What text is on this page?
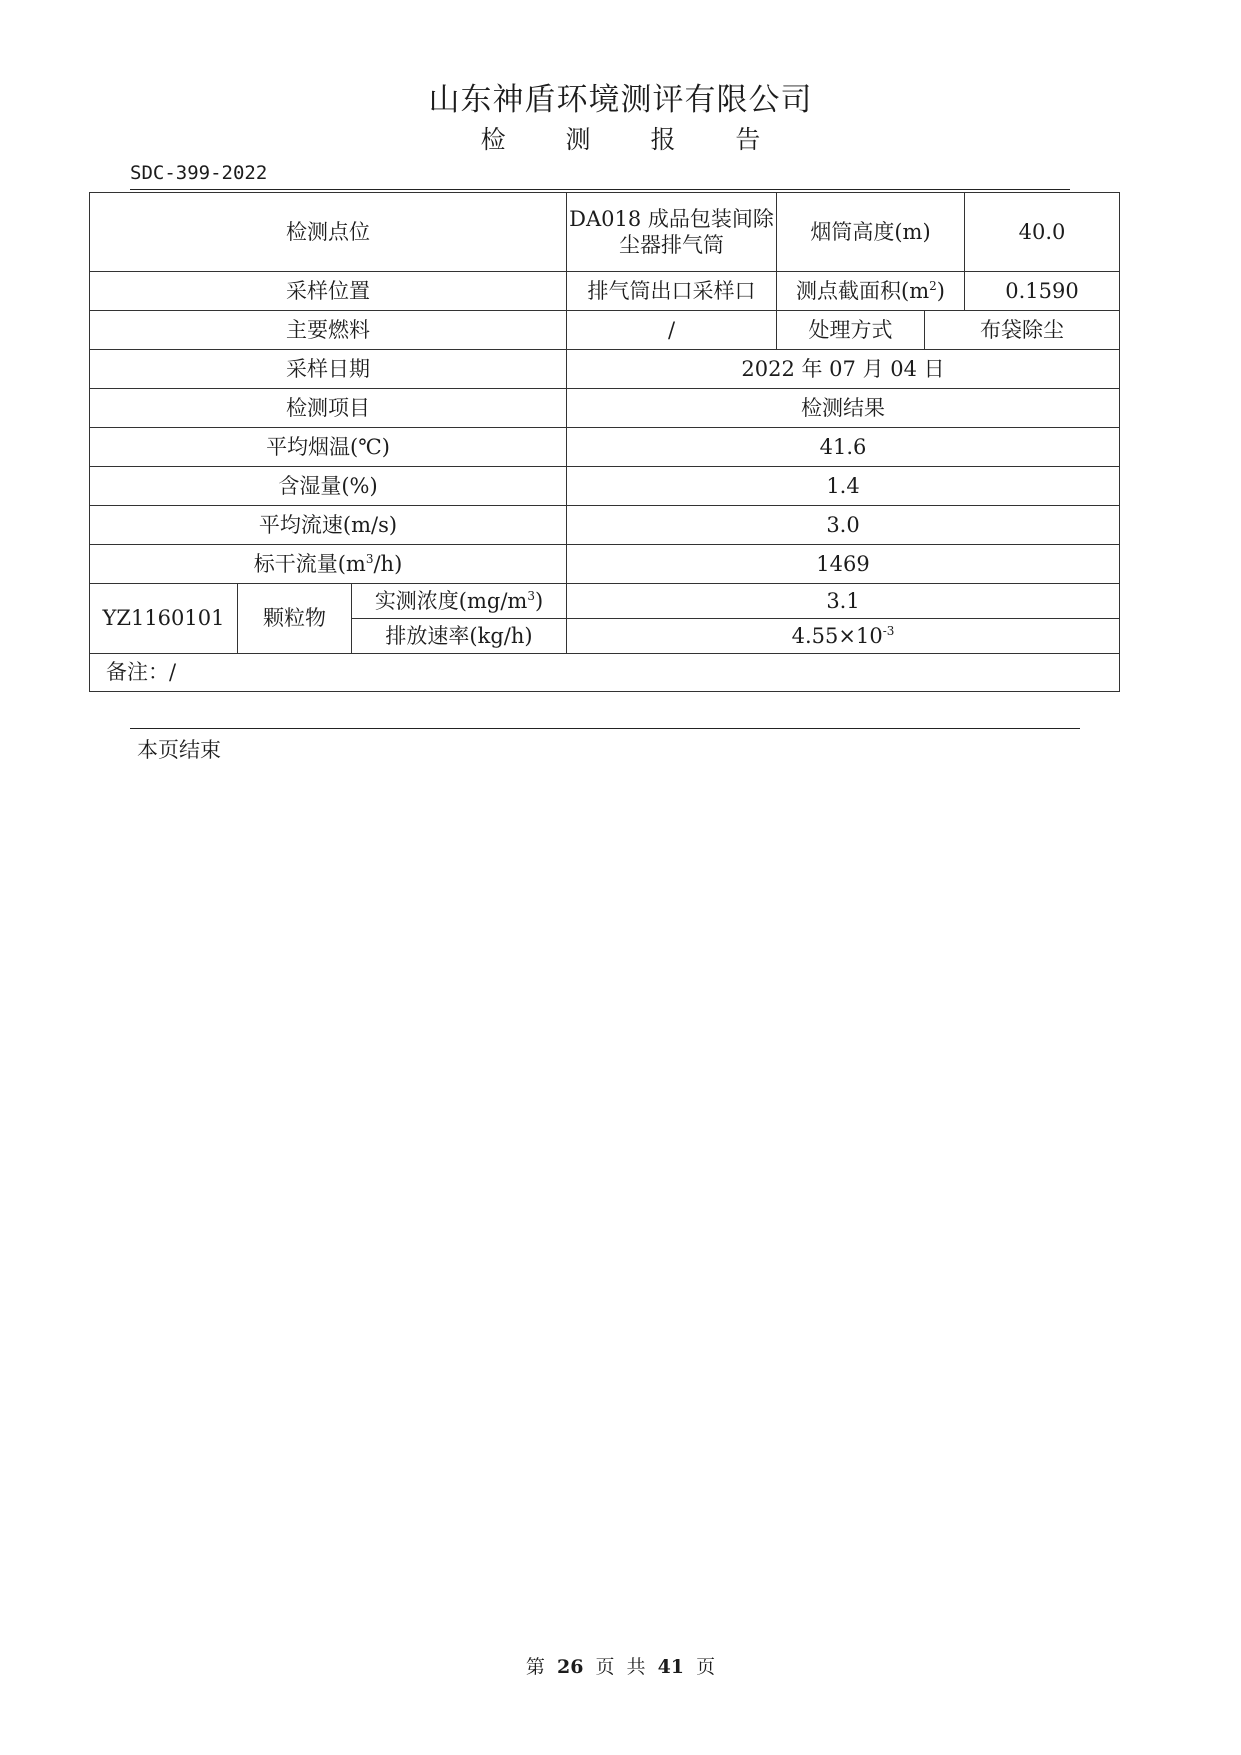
山东神盾环境测评有限公司
检 测 报 告
SDC-399-2022
检测点位			DA018 成品包装间除尘器排气筒	烟筒高度(m)		40.0
采样位置			排气筒出口采样口	测点截面积$(m^2)$		0.1590
主要燃料			/	处理方式	布袋除尘	
采样日期			2022 年 07 月 04 日			
检测项目			检测结果			
平均烟温(℃)			41.6			
含湿量(%)			1.4			
平均流速(m/s)			3.0			
标干流量$(m^3/h)$			1469			
YZ1160101	颗粒物	实测浓度$(mg/m^3)$	3.1			
		排放速率(kg/h)	$4.55\times 10^{-3}$
备注：/						
本页结束
第 26 页 共 41 页
